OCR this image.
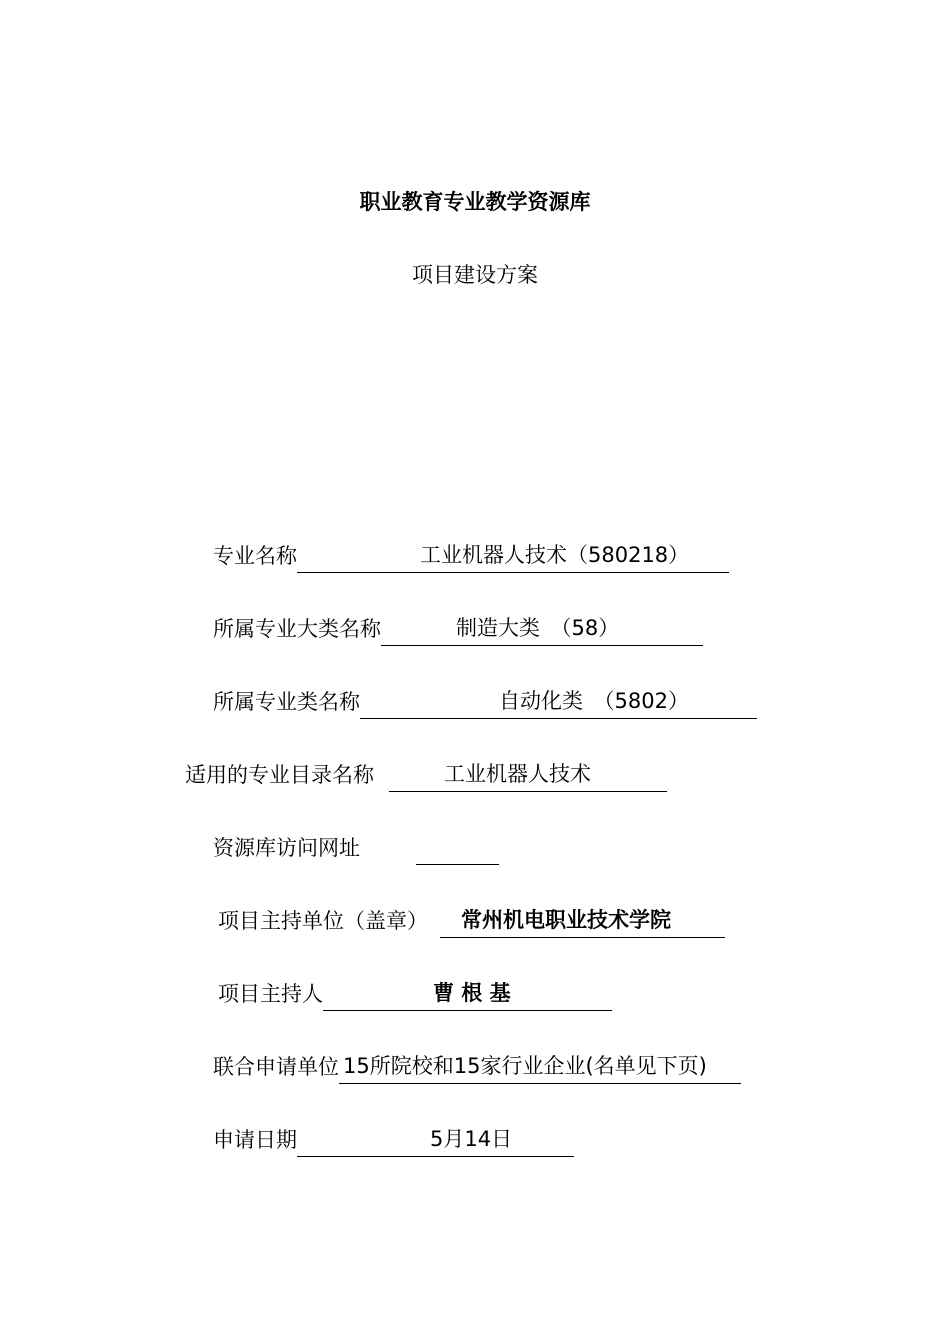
职业教育专业教学资源库
项目建设方案
专业名称	工业机器人技术（580218）
所属专业大类名称	制造大类　（58）
所属专业类名称	自动化类　（5802）
适用的专业目录名称	工业机器人技术
资源库访问网址
项目主持单位（盖章） 常州机电职业技术学院
项目主持人	曹 根 基
联合申请单位 15所院校和15家行业企业(名单见下页)
申请日期	5月14日
